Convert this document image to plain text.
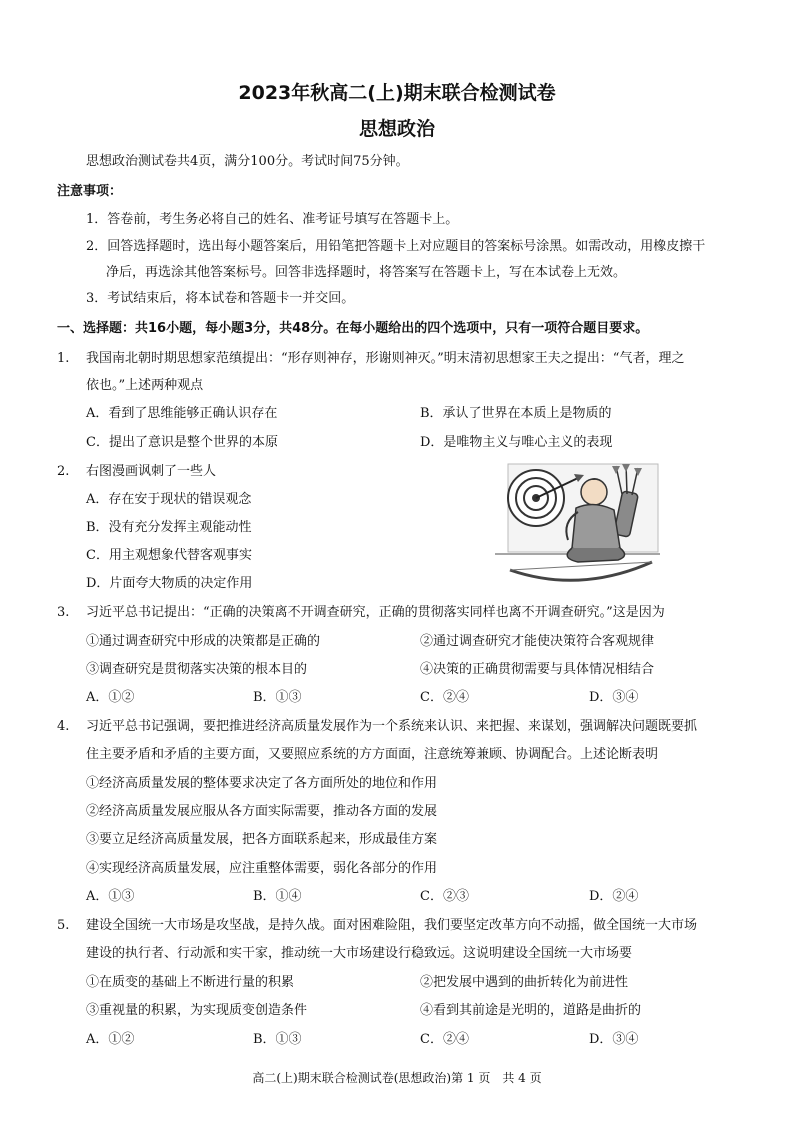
2023年秋高二(上)期末联合检测试卷
思想政治
思想政治测试卷共4页，满分100分。考试时间75分钟。
注意事项：
1．答卷前，考生务必将自己的姓名、准考证号填写在答题卡上。
2．回答选择题时，选出每小题答案后，用铅笔把答题卡上对应题目的答案标号涂黑。如需改动，用橡皮擦干
净后，再选涂其他答案标号。回答非选择题时，将答案写在答题卡上，写在本试卷上无效。
3．考试结束后，将本试卷和答题卡一并交回。
一、选择题：共16小题，每小题3分，共48分。在每小题给出的四个选项中，只有一项符合题目要求。
1. 我国南北朝时期思想家范缜提出：“形存则神存，形谢则神灭。”明末清初思想家王夫之提出：“气者，理之
依也。”上述两种观点
A．看到了思维能够正确认识存在	B．承认了世界在本质上是物质的
C．提出了意识是整个世界的本原	D．是唯物主义与唯心主义的表现
2. 右图漫画讽刺了一些人
A．存在安于现状的错误观念
B．没有充分发挥主观能动性
C．用主观想象代替客观事实
D．片面夸大物质的决定作用
3. 习近平总书记提出：“正确的决策离不开调查研究，正确的贯彻落实同样也离不开调查研究。”这是因为
①通过调查研究中形成的决策都是正确的	②通过调查研究才能使决策符合客观规律
③调查研究是贯彻落实决策的根本目的	④决策的正确贯彻需要与具体情况相结合
A．①②	B．①③	C．②④	D．③④
4. 习近平总书记强调，要把推进经济高质量发展作为一个系统来认识、来把握、来谋划，强调解决问题既要抓
住主要矛盾和矛盾的主要方面，又要照应系统的方方面面，注意统筹兼顾、协调配合。上述论断表明
①经济高质量发展的整体要求决定了各方面所处的地位和作用
②经济高质量发展应服从各方面实际需要，推动各方面的发展
③要立足经济高质量发展，把各方面联系起来，形成最佳方案
④实现经济高质量发展，应注重整体需要，弱化各部分的作用
A．①③	B．①④	C．②③	D．②④
5. 建设全国统一大市场是攻坚战，是持久战。面对困难险阻，我们要坚定改革方向不动摇，做全国统一大市场
建设的执行者、行动派和实干家，推动统一大市场建设行稳致远。这说明建设全国统一大市场要
①在质变的基础上不断进行量的积累	②把发展中遇到的曲折转化为前进性
③重视量的积累，为实现质变创造条件	④看到其前途是光明的，道路是曲折的
A．①②	B．①③	C．②④	D．③④
高二(上)期末联合检测试卷(思想政治)第 1 页　共 4 页
